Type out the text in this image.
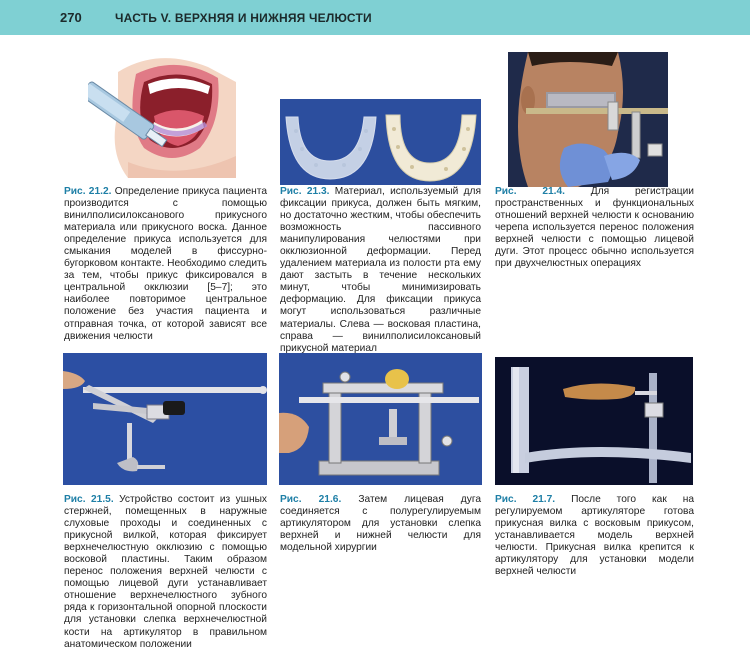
270	ЧАСТЬ V. ВЕРХНЯЯ И НИЖНЯЯ ЧЕЛЮСТИ

Рис. 21.2. Определение прикуса пациента производится с помощью винилполисилоксанового прикусного материала или прикусного воска. Данное определение прикуса используется для смыкания моделей в фиссурно-бугорковом контакте. Необходимо следить за тем, чтобы прикус фиксировался в центральной окклюзии [5–7]; это наиболее повторимое центральное положение без участия пациента и отправная точка, от которой зависят все движения челюсти

Рис. 21.3. Материал, используемый для фиксации прикуса, должен быть мягким, но достаточно жестким, чтобы обеспечить возможность пассивного манипулирования челюстями при окклюзионной деформации. Перед удалением материала из полости рта ему дают застыть в течение нескольких минут, чтобы минимизировать деформацию. Для фиксации прикуса могут использоваться различные материалы. Слева — восковая пластина, справа — винилполисилоксановый прикусной материал

Рис. 21.4.	Для регистрации пространственных и функциональных отношений верхней челюсти к основанию черепа используется перенос положения верхней челюсти с помощью лицевой дуги. Этот процесс обычно используется при двухчелюстных операциях

Рис. 21.5. Устройство состоит из ушных стержней, помещенных в наружные слуховые проходы и соединенных с прикусной вилкой, которая фиксирует верхнечелюстную окклюзию с помощью восковой пластины. Таким образом перенос положения верхней челюсти с помощью лицевой дуги устанавливает отношение верхнечелюстного зубного ряда к горизонтальной опорной плоскости для установки слепка верхнечелюстной кости на артикулятор в правильном анатомическом положении

Рис. 21.6. Затем лицевая дуга соединяется с полурегулируемым артикулятором для установки слепка верхней и нижней челюсти для модельной хирургии

Рис. 21.7. После того как на регулируемом артикуляторе готова прикусная вилка с восковым прикусом, устанавливается модель верхней челюсти. Прикусная вилка крепится к артикулятору для установки модели верхней челюсти
